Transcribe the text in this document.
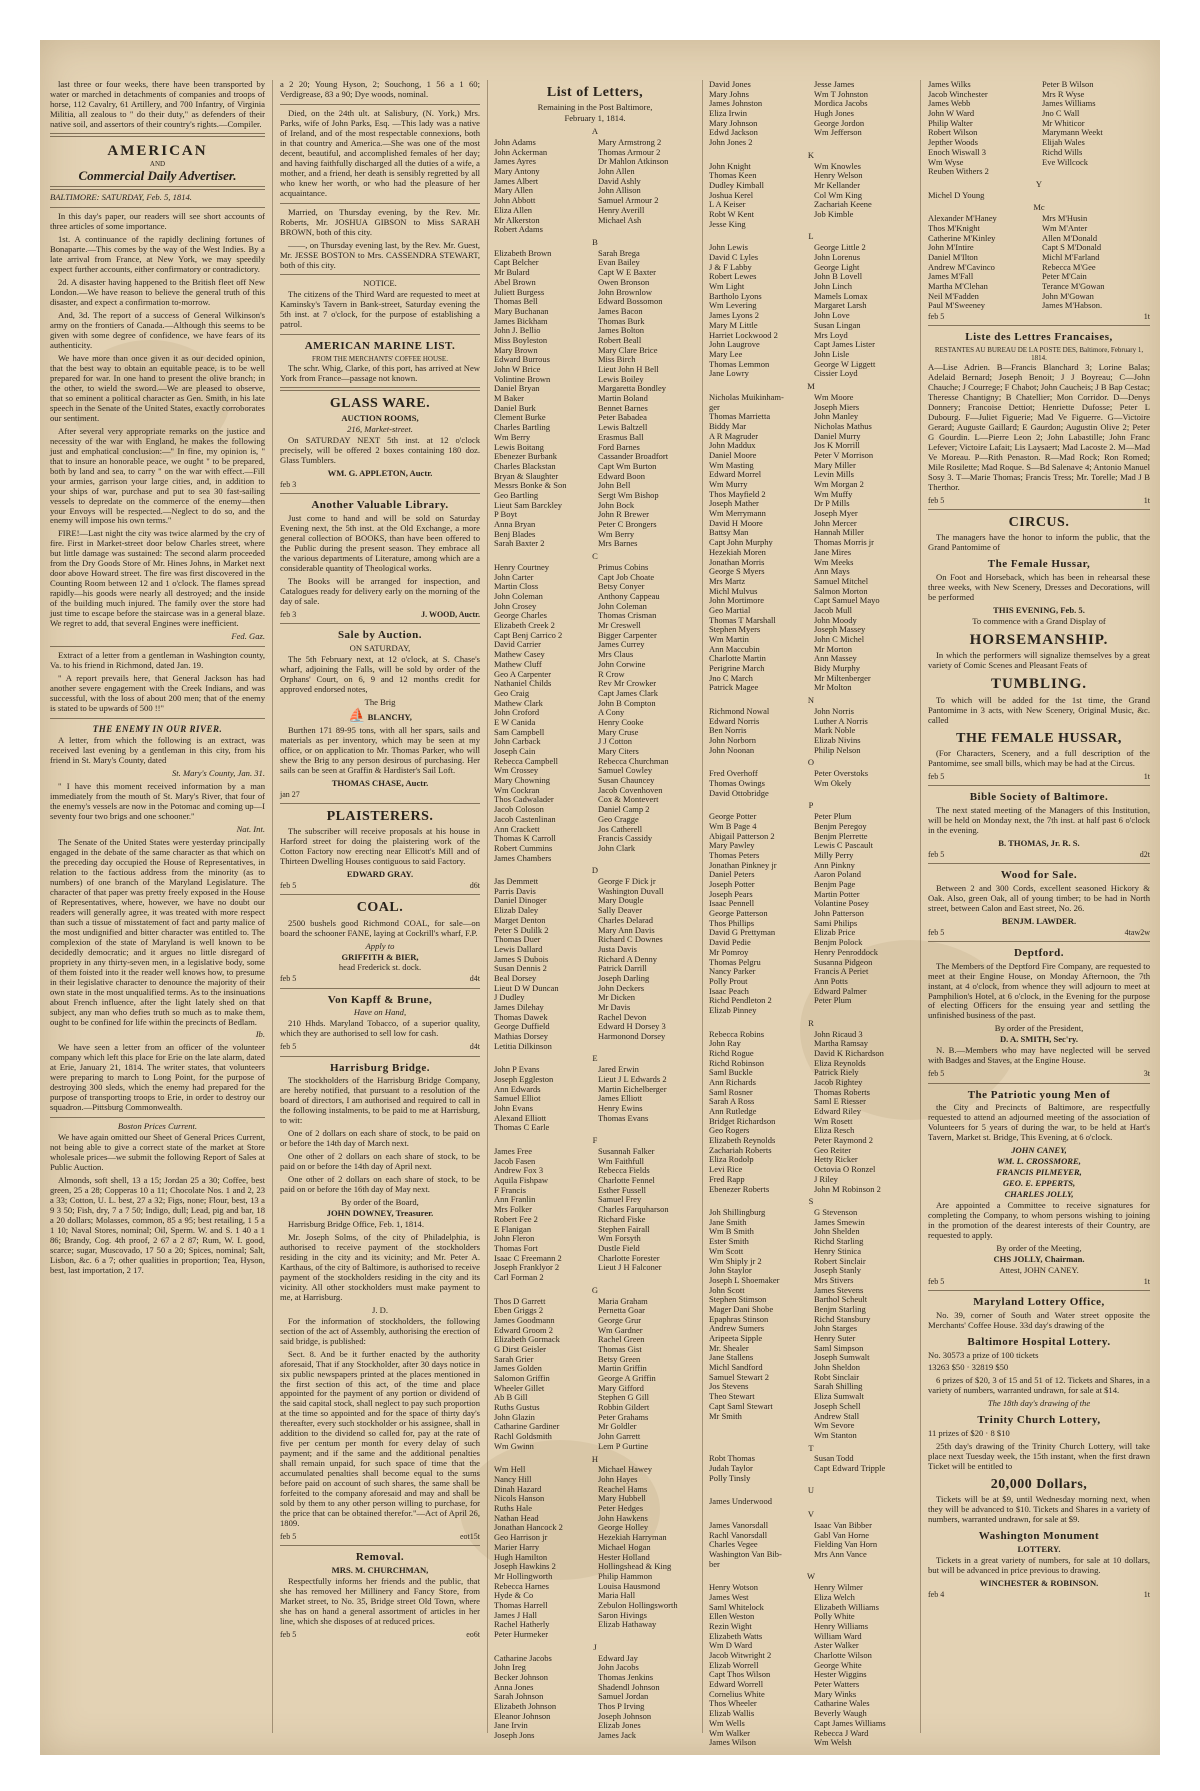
last three or four weeks, there have been transported by water or marched in detachments of companies and troops of horse, 112 Cavalry, 61 Artillery, and 700 Infantry, of Virginia Militia, all zealous to " do their duty," as defenders of their native soil, and assertors of their country's rights.—Compiler.

AMERICAN
AND
Commercial Daily Advertiser.

BALTIMORE: SATURDAY, Feb. 5, 1814.

In this day's paper, our readers will see short accounts of three articles of some importance.

1st. A continuance of the rapidly declining fortunes of Bonaparte.—This comes by the way of the West Indies. By a late arrival from France, at New York, we may speedily expect further accounts, either confirmatory or contradictory.

2d. A disaster having happened to the British fleet off New London.—We have reason to believe the general truth of this disaster, and expect a confirmation to-morrow.

And, 3d. The report of a success of General Wilkinson's army on the frontiers of Canada.—Although this seems to be given with some degree of confidence, we have fears of its authenticity.

We have more than once given it as our decided opinion, that the best way to obtain an equitable peace, is to be well prepared for war. In one hand to present the olive branch; in the other, to wield the sword.—We are pleased to observe, that so eminent a political character as Gen. Smith, in his late speech in the Senate of the United States, exactly corroborates our sentiment.

After several very appropriate remarks on the justice and necessity of the war with England, he makes the following just and emphatical conclusion:—" In fine, my opinion is, " that to insure an honorable peace, we ought " to be prepared, both by land and sea, to carry " on the war with effect.—Fill your armies, garrison your large cities, and, in addition to your ships of war, purchase and put to sea 30 fast-sailing vessels to depredate on the commerce of the enemy—then your Envoys will be respected.—Neglect to do so, and the enemy will impose his own terms."

FIRE!—Last night the city was twice alarmed by the cry of fire. First in Market-street door below Charles street, where but little damage was sustained: The second alarm proceeded from the Dry Goods Store of Mr. Hines Johns, in Market next door above Howard street. The fire was first discovered in the Counting Room between 12 and 1 o'clock. The flames spread rapidly—his goods were nearly all destroyed; and the inside of the building much injured. The family over the store had just time to escape before the staircase was in a general blaze. We regret to add, that several Engines were inefficient.

Fed. Gaz.

Extract of a letter from a gentleman in Washington county, Va. to his friend in Richmond, dated Jan. 19.

" A report prevails here, that General Jackson has had another severe engagement with the Creek Indians, and was successful, with the loss of about 200 men; that of the enemy is stated to be upwards of 500 !!"

THE ENEMY IN OUR RIVER.

A letter, from which the following is an extract, was received last evening by a gentleman in this city, from his friend in St. Mary's County, dated

St. Mary's County, Jan. 31.

" I have this moment received information by a man immediately from the mouth of St. Mary's River, that four of the enemy's vessels are now in the Potomac and coming up—I seventy four two brigs and one schooner."

Nat. Int.

The Senate of the United States were yesterday principally engaged in the debate of the same character as that which on the preceding day occupied the House of Representatives, in relation to the factious address from the minority (as to numbers) of one branch of the Maryland Legislature. The character of that paper was pretty freely exposed in the House of Representatives, where, however, we have no doubt our readers will generally agree, it was treated with more respect than such a tissue of misstatement of fact and party malice of the most undignified and bitter character was entitled to. The complexion of the state of Maryland is well known to be decidedly democratic; and it argues no little disregard of propriety in any thirty-seven men, in a legislative body, some of them foisted into it the reader well knows how, to presume in their legislative character to denounce the majority of their own state in the most unqualified terms. As to the insinuations about French influence, after the light lately shed on that subject, any man who defies truth so much as to make them, ought to be confined for life within the precincts of Bedlam.

Ib.

We have seen a letter from an officer of the volunteer company which left this place for Erie on the late alarm, dated at Erie, January 21, 1814. The writer states, that volunteers were preparing to march to Long Point, for the purpose of destroying 300 sleds, which the enemy had prepared for the purpose of transporting troops to Erie, in order to destroy our squadron.—Pittsburg Commonwealth.

Boston Prices Current.

We have again omitted our Sheet of General Prices Current, not being able to give a correct state of the market at Store wholesale prices—we submit the following Report of Sales at Public Auction.

Almonds, soft shell, 13 a 15; Jordan 25 a 30; Coffee, best green, 25 a 28; Copperas 10 a 11; Chocolate Nos. 1 and 2, 23 a 33; Cotton, U. L. best, 27 a 32; Figs, none; Flour, best, 13 a 9 3 50; Fish, dry, 7 a 7 50; Indigo, dull; Lead, pig and bar, 18 a 20 dollars; Molasses, common, 85 a 95; best retailing, 1 5 a 1 10; Naval Stores, nominal; Oil, Sperm. W. and S. 1 40 a 1 86; Brandy, Cog. 4th proof, 2 67 a 2 87; Rum, W. I. good, scarce; sugar, Muscovado, 17 50 a 20; Spices, nominal; Salt, Lisbon, &c. 6 a 7; other qualities in proportion; Tea, Hyson, best, last importation, 2 17.

a 2 20; Young Hyson, 2; Souchong, 1 56 a 1 60; Verdigrease, 83 a 90; Dye woods, nominal.

Died, on the 24th ult. at Salisbury, (N. York,) Mrs. Parks, wife of John Parks, Esq. —This lady was a native of Ireland, and of the most respectable connexions, both in that country and America.—She was one of the most decent, beautiful, and accomplished females of her day; and having faithfully discharged all the duties of a wife, a mother, and a friend, her death is sensibly regretted by all who knew her worth, or who had the pleasure of her acquaintance.

Married, on Thursday evening, by the Rev. Mr. Roberts, Mr. JOSHUA GIBSON to Miss SARAH BROWN, both of this city.

——, on Thursday evening last, by the Rev. Mr. Guest, Mr. JESSE BOSTON to Mrs. CASSENDRA STEWART, both of this city.

NOTICE.

The citizens of the Third Ward are requested to meet at Kaminsky's Tavern in Bank-street, Saturday evening the 5th inst. at 7 o'clock, for the purpose of establishing a patrol.

AMERICAN MARINE LIST.
FROM THE MERCHANTS' COFFEE HOUSE.

The schr. Whig, Clarke, of this port, has arrived at New York from France—passage not known.

GLASS WARE.
AUCTION ROOMS,
216, Market-street.

On SATURDAY NEXT 5th inst. at 12 o'clock precisely, will be offered 2 boxes containing 180 doz. Glass Tumblers.

WM. G. APPLETON, Auctr.
feb 3
Another Valuable Library.

Just come to hand and will be sold on Saturday Evening next, the 5th inst. at the Old Exchange, a more general collection of BOOKS, than have been offered to the Public during the present season. They embrace all the various departments of Literature, among which are a considerable quantity of Theological works.

The Books will be arranged for inspection, and Catalogues ready for delivery early on the morning of the day of sale.

feb 3	J. WOOD, Auctr.
Sale by Auction.
ON SATURDAY,

The 5th February next, at 12 o'clock, at S. Chase's wharf, adjoining the Falls, will be sold by order of the Orphans' Court, on 6, 9 and 12 months credit for approved endorsed notes,

The Brig
⛵ BLANCHY,

Burthen 171 89-95 tons, with all her spars, sails and materials as per inventory, which may be seen at my office, or on application to Mr. Thomas Parker, who will shew the Brig to any person desirous of purchasing. Her sails can be seen at Graffin & Hardister's Sail Loft.

THOMAS CHASE, Auctr.
jan 27
PLAISTERERS.

The subscriber will receive proposals at his house in Harford street for doing the plaistering work of the Cotton Factory now erecting near Ellicott's Mill and of Thirteen Dwelling Houses contiguous to said Factory.

EDWARD GRAY.
feb 5	d6t
COAL.

2500 bushels good Richmond COAL, for sale—on board the schooner FANE, laying at Cockrill's wharf, F.P.

Apply to
GRIFFITH & BIER,
head Frederick st. dock.
feb 5	d4t
Von Kapff & Brune,
Have on Hand,

210 Hhds. Maryland Tobacco, of a superior quality, which they are authorised to sell low for cash.

feb 5	d4t
Harrisburg Bridge.

The stockholders of the Harrisburg Bridge Company, are hereby notified, that pursuant to a resolution of the board of directors, I am authorised and required to call in the following instalments, to be paid to me at Harrisburg, to wit:

One of 2 dollars on each share of stock, to be paid on or before the 14th day of March next.

One other of 2 dollars on each share of stock, to be paid on or before the 14th day of April next.

One other of 2 dollars on each share of stock, to be paid on or before the 16th day of May next.

By order of the Board,
JOHN DOWNEY, Treasurer.

Harrisburg Bridge Office, Feb. 1, 1814.

Mr. Joseph Solms, of the city of Philadelphia, is authorised to receive payment of the stockholders residing in the city and its vicinity; and Mr. Peter A. Karthaus, of the city of Baltimore, is authorised to receive payment of the stockholders residing in the city and its vicinity. All other stockholders must make payment to me, at Harrisburg.

J. D.

For the information of stockholders, the following section of the act of Assembly, authorising the erection of said bridge, is published:

Sect. 8. And be it further enacted by the authority aforesaid, That if any Stockholder, after 30 days notice in six public newspapers printed at the places mentioned in the first section of this act, of the time and place appointed for the payment of any portion or dividend of the said capital stock, shall neglect to pay such proportion at the time so appointed and for the space of thirty day's thereafter, every such stockholder or his assignee, shall in addition to the dividend so called for, pay at the rate of five per centum per month for every delay of such payment; and if the same and the additional penalties shall remain unpaid, for such space of time that the accumulated penalties shall become equal to the sums before paid on account of such shares, the same shall be forfeited to the company aforesaid and may and shall be sold by them to any other person willing to purchase, for the price that can be obtained therefor."—Act of April 26, 1809.

feb 5	eot15t
Removal.
MRS. M. CHURCHMAN,

Respectfully informs her friends and the public, that she has removed her Millinery and Fancy Store, from Market street, to No. 35, Bridge street Old Town, where she has on hand a general assortment of articles in her line, which she disposes of at reduced prices.

feb 5	eo6t
List of Letters,
Remaining in the Post Baltimore,
February 1, 1814.
A
John Adams
John Ackerman
James Ayres
Mary Antony
James Albert
Mary Allen
John Abbott
Eliza Allen
Mr Alkerston
Robert Adams
Mary Armstrong 2
Thomas Armour 2
Dr Mahlon Atkinson
John Allen
David Ashly
John Allison
Samuel Armour 2
Henry Averill
Michael Ash
B
Elizabeth Brown
Capt Belcher
Mr Bulard
Abel Brown
Juliett Burgess
Thomas Bell
Mary Buchanan
James Bickham
John J. Bellio
Miss Boyleston
Mary Brown
Edward Burrous
John W Brice
Volintine Brown
Daniel Bryan
M Baker
Daniel Burk
Clement Burke
Charles Bartling
Wm Berry
Lewis Boitang
Ebenezer Burbank
Charles Blackstan
Bryan & Slaughter
Messrs Bonke & Son
Geo Bartling
Lieut Sam Barckley
P Boyt
Anna Bryan
Benj Blades
Sarah Baxter 2
Sarah Brega
Evan Bailey
Capt W E Baxter
Owen Bronson
John Brownlow
Edward Bossomon
James Bacon
Thomas Burk
James Bolton
Robert Beall
Mary Clare Brice
Miss Birch
Lieut John H Bell
Lewis Boiley
Margaretta Bondley
Martin Boland
Bennet Barnes
Peter Babadea
Lewis Baltzell
Erasmus Ball
Ford Barnes
Cassander Broadfort
Capt Wm Burton
Edward Boon
John Bell
Sergt Wm Bishop
John Bock
John R Brewer
Peter C Brongers
Wm Berry
Mrs Barnes
C
Henry Courtney
John Carter
Martin Closs
John Coleman
John Crosey
George Charles
Elizabeth Creek 2
Capt Benj Carrico 2
David Carrier
Mathew Casey
Mathew Cluff
Geo A Carpenter
Nathaniel Childs
Geo Craig
Mathew Clark
John Croford
E W Canida
Sam Campbell
John Carback
Joseph Cain
Rebecca Campbell
Wm Crossey
Mary Chowning
Wm Cockran
Thos Cadwalader
Jacob Coloson
Jacob Castenlinan
Ann Crackett
Thomas K Carroll
Robert Cummins
James Chambers
Primus Cobins
Capt Job Choate
Betsy Conyer
Anthony Cappeau
John Coleman
Thomas Crisman
Mr Creswell
Bigger Carpenter
James Currey
Mrs Claus
John Corwine
R Crow
Rev Mr Crowker
Capt James Clark
John B Compton
A Cony
Henry Cooke
Mary Cruse
J J Cotton
Mary Citers
Rebecca Churchman
Samuel Cowley
Susan Chauncey
Jacob Covenhoven
Cox & Montevert
Daniel Camp 2
Geo Cragge
Jos Catherell
Francis Cassidy
John Clark
D
Jas Demmett
Parris Davis
Daniel Dinoger
Elizab Daley
Marget Denton
Peter S Dulilk 2
Thomas Duer
Lewis Dallard
James S Dubois
Susan Dennis 2
Beal Dorsey
Lieut D W Duncan
J Dudley
James Dilehay
Thomas Dawek
George Duffield
Mathias Dorsey
Letitia Dilkinson
George F Dick jr
Washington Duvall
Mary Dougle
Sally Deaver
Charles Delarad
Mary Ann Davis
Richard C Downes
Justa Davis
Richard A Denny
Patrick Darrill
Joseph Darling
John Deckers
Mr Dicken
Mr Davis
Rachel Devon
Edward H Dorsey 3
Harmonond Dorsey
E
John P Evans
Joseph Eggleston
Ann Edwards
Samuel Elliot
John Evans
Alexand Elliott
Thomas C Earle
Jared Erwin
Lieut J L Edwards 2
Martin Eichelberger
James Elliott
Henry Ewins
Thomas Evans
F
James Free
Jacob Fasen
Andrew Fox 3
Aquila Fishpaw
F Francis
Ann Franlin
Mrs Folker
Robert Fee 2
E Flanigan
John Fleron
Thomas Fort
Isaac C Freemann 2
Joseph Franklyor 2
Carl Forman 2
Susannah Falker
Wm Faithfull
Rebecca Fields
Charlotte Fennel
Esther Fussell
Samuel Frey
Charles Farquharson
Richard Fiske
Stephen Fairall
Wm Forsyth
Dustle Field
Charlotte Forester
Lieut J H Falconer
G
Thos D Garrett
Eben Griggs 2
James Goodmann
Edward Groom 2
Elizabeth Gormack
G Dirst Geisler
Sarah Grier
James Golden
Salomon Griffin
Wheeler Gillet
Ab B Gill
Ruths Gustus
John Glazin
Catharine Gardiner
Rachl Goldsmith
Wm Gwinn
Maria Graham
Pernetta Goar
George Grur
Wm Gardner
Rachel Green
Thomas Gist
Betsy Green
Martin Griffin
George A Griffin
Mary Gifford
Stephen G Gill
Robbin Gildert
Peter Grahams
Mr Goldler
John Garrett
Lem P Gurtine
H
Wm Hell
Nancy Hill
Dinah Hazard
Nicols Hanson
Ruths Hale
Nathan Head
Jonathan Hancock 2
Geo Harrison jr
Marier Harry
Hugh Hamilton
Joseph Hawkins 2
Mr Hollingworth
Rebecca Harnes
Hyde & Co
Thomas Harrell
James J Hall
Rachel Hatherly
Peter Hurmeker
Michael Hawey
John Hayes
Reachel Hams
Mary Hubbell
Peter Hedges
John Hawkens
George Holley
Hezekiah Harryman
Michael Hogan
Hester Holland
Hollingshead & King
Philip Hammon
Louisa Hausmond
Maria Hall
Zebulon Hollingsworth
Saron Hivings
Elizab Hathaway
J
Catharine Jacobs
John Ireg
Becker Johnson
Anna Jones
Sarah Johnson
Elizabeth Johnson
Eleanor Johnson
Jane Irvin
Joseph Jons
Edward Jay
John Jacobs
Thomas Jenkins
Shadendl Johnson
Samuel Jordan
Thos P Irving
Joseph Johnson
Elizab Jones
James Jack
David Jones
Mary Johns
James Johnston
Eliza Irwin
Mary Johnson
Edwd Jackson
John Jones 2
Jesse James
Wm T Johnston
Mordica Jacobs
Hugh Jones
George Jordon
Wm Jefferson
K
John Knight
Thomas Keen
Dudley Kimball
Joshua Kerel
L A Keiser
Robt W Kent
Jesse King
Wm Knowles
Henry Welson
Mr Kellander
Col Wm King
Zachariah Keene
Job Kimble
L
John Lewis
David C Lyles
J & F Labby
Robert Lewes
Wm Light
Bartholo Lyons
Wm Levering
James Lyons 2
Mary M Little
Harriet Lockwood 2
John Laugrove
Mary Lee
Thomas Lemmon
Jane Lowry
George Little 2
John Lorenus
George Light
John B Lovell
John Linch
Mamels Lomax
Margaret Larsh
John Love
Susan Lingan
Mrs Loyd
Capt James Lister
John Lisle
George W Liggett
Cissier Loyd
M
Nicholas Muikinham-
ger
Thomas Marrietta
Biddy Mar
A R Magruder
John Maddux
Daniel Moore
Wm Masting
Edward Morrel
Wm Murry
Thos Mayfield 2
Joseph Mather
Wm Merrymann
David H Moore
Battsy Man
Capt John Murphy
Hezekiah Moren
Jonathan Morris
George S Myers
Mrs Martz
Michl Mulvus
John Mortimore
Geo Martial
Thomas T Marshall
Stephen Myers
Wm Martin
Ann Maccubin
Charlotte Martin
Perigrine March
Jno C March
Patrick Magee
Wm Moore
Joseph Miers
John Manley
Nicholas Mathus
Daniel Murry
Jos K Morrill
Peter V Morrison
Mary Miller
Levin Mills
Wm Morgan 2
Wm Muffy
Dr P Mills
Joseph Myer
John Mercer
Hannah Miller
Thomas Morris jr
Jane Mires
Wm Meeks
Ann Mays
Samuel Mitchel
Salmon Morton
Capt Samuel Mayo
Jacob Mull
John Moody
Joseph Massey
John C Michel
Mr Morton
Ann Massey
Bidy Murphy
Mr Miltenberger
Mr Molton
N
Richmond Nowal
Edward Norris
Ben Norris
John Norborn
John Noonan
John Norris
Luther A Norris
Mark Noble
Elizab Nivins
Philip Nelson
O
Fred Overhoff
Thomas Owings
David Ottobridge
Peter Overstoks
Wm Okely
P
George Potter
Wm B Page 4
Abigail Patterson 2
Mary Pawley
Thomas Peters
Jonathan Pinkney jr
Daniel Peters
Joseph Potter
Joseph Pears
Isaac Pennell
George Patterson
Thos Phillips
David G Prettyman
David Pedie
Mr Pomroy
Thomas Pelgru
Nancy Parker
Polly Prout
Isaac Peach
Richd Pendleton 2
Elizab Pinney
Peter Plum
Benjm Peregoy
Benjm Plerrette
Lewis C Pascault
Milly Perry
Ann Pinkny
Aaron Poland
Benjm Page
Martin Potter
Volantine Posey
John Patterson
Sami Philips
Elizab Price
Benjm Polock
Henry Penroddock
Susanna Pidgeon
Francis A Periet
Ann Potts
Edward Palmer
Peter Plum
R
Rebecca Robins
John Ray
Richd Rogue
Richd Robinson
Saml Buckle
Ann Richards
Saml Rosner
Sarah A Ross
Ann Rutledge
Bridget Richardson
Geo Rogers
Elizabeth Reynolds
Zachariah Roberts
Eliza Rodolp
Levi Rice
Fred Rapp
Ebenezer Roberts
John Ricaud 3
Martha Ramsay
David K Richardson
Eliza Reynolds
Patrick Riely
Jacob Rightey
Thomas Roberts
Saml E Riesser
Edward Riley
Wm Rosett
Eliza Resch
Peter Raymond 2
Geo Reiter
Hetty Ricker
Octovia O Ronzel
J Riley
John M Robinson 2
S
Joh Shillingburg
Jane Smith
Wm B Smith
Ester Smith
Wm Scott
Wm Shiply jr 2
John Staylor
Joseph L Shoemaker
John Scott
Stephen Stimson
Mager Dani Shobe
Epaphras Stinson
Andrew Sumers
Aripeeta Sipple
Mr. Shealer
Jane Stallens
Michl Sandford
Samuel Stewart 2
Jos Stevens
Theo Stewart
Capt Saml Stewart
Mr Smith
G Stevenson
James Smewin
John Shelden
Richd Starling
Henry Stinica
Robert Sinclair
Joseph Stanly
Mrs Stivers
James Stevens
Barthol Scheult
Benjm Starling
Richd Stansbury
John Starges
Henry Suter
Saml Simpson
Joseph Sumwalt
John Sheldon
Robt Sinclair
Sarah Shilling
Eliza Sumwalt
Joseph Schell
Andrew Stall
Wm Sevore
Wm Stanton
T
Robt Thomas
Judah Taylor
Polly Tinsly
Susan Todd
Capt Edward Tripple
U
James Underwood
V
James Vanorsdall
Rachl Vanorsdall
Charles Vegee
Washington Van Bib-
ber
Isaac Van Bibber
Gabl Van Horne
Fielding Van Horn
Mrs Ann Vance
W
Henry Wotson
James West
Saml Whitelock
Ellen Weston
Rezin Wight
Elizabeth Watts
Wm D Ward
Jacob Witwright 2
Elizab Worrell
Capt Thos Wilson
Edward Worrell
Cornelius White
Thos Wheeler
Elizab Wallis
Wm Wells
Wm Walker
James Wilson
Henry Wilmer
Eliza Welch
Elizabeth Williams
Polly White
Henry Williams
William Ward
Aster Walker
Charlotte Wilson
George White
Hester Wiggins
Peter Watters
Mary Winks
Catharine Wales
Beverly Waugh
Capt James Williams
Rebecca J Ward
Wm Welsh
James Wilks
Jacob Winchester
James Webb
John W Ward
Philip Walter
Robert Wilson
Jepther Woods
Enoch Wiswall 3
Wm Wyse
Reuben Withers 2
Peter B Wilson
Mrs R Wyse
James Williams
Jno C Wall
Mr Whiticor
Marymann Weekt
Elijah Wales
Richd Wills
Eve Willcock
Y
Michel D Young
Mc
Alexander M'Haney
Thos M'Knight
Catherine M'Kinley
John M'Intire
Daniel M'Ilton
Andrew M'Cavinco
James M'Fall
Martha M'Clehan
Neil M'Fadden
Paul M'Sweeney
Mrs M'Husin
Wm M'Anter
Allen M'Donald
Capt S M'Donald
Michl M'Farland
Rebecca M'Gee
Peter M'Cain
Terance M'Gowan
John M'Gowan
James M'Habson.
feb 5	1t
Liste des Lettres Francaises,
RESTANTES AU BUREAU DE LA POSTE DES, Baltimore, February 1, 1814.

A—Lise Adrien. B—Francis Blanchard 3; Lorine Balas; Adelaid Bernard; Joseph Benoit; J J Boyreau; C—John Chauche; J Courrege; F Chabot; John Caucheis; J B Bap Cestac; Theresse Chantigny; B Chatellier; Mon Corridor. D—Denys Donnery; Francoise Dettiot; Henriette Dufosse; Peter L Dubourg. F—Juliet Figuerie; Mad Ve Figuerre. G—Victoire Gerard; Auguste Gaillard; E Gaurdon; Augustin Olive 2; Peter G Gourdin. L—Pierre Leon 2; John Labastille; John Franc Lefever; Victoire Lafait; Lis Laysaert; Mad Lacoste 2. M—Mad Ve Moreau. P—Rith Penaston. R—Mad Rock; Ron Romed; Mile Rosilette; Mad Roque. S—Bd Salenave 4; Antonio Manuel Sosy 3. T—Marie Thomas; Francis Tress; Mr. Torelle; Mad J B Therthor.

feb 5	1t
CIRCUS.

The managers have the honor to inform the public, that the Grand Pantomime of

The Female Hussar,

On Foot and Horseback, which has been in rehearsal these three weeks, with New Scenery, Dresses and Decorations, will be performed

THIS EVENING, Feb. 5.
To commence with a Grand Display of
HORSEMANSHIP.

In which the performers will signalize themselves by a great variety of Comic Scenes and Pleasant Feats of

TUMBLING.

To which will be added for the 1st time, the Grand Pantomime in 3 acts, with New Scenery, Original Music, &c. called

THE FEMALE HUSSAR,

(For Characters, Scenery, and a full description of the Pantomime, see small bills, which may be had at the Circus.

feb 5	1t
Bible Society of Baltimore.

The next stated meeting of the Managers of this Institution, will be held on Monday next, the 7th inst. at half past 6 o'clock in the evening.

B. THOMAS, Jr. R. S.
feb 5	d2t
Wood for Sale.

Between 2 and 300 Cords, excellent seasoned Hickory & Oak. Also, green Oak, all of young timber; to be had in North street, between Calon and East street, No. 26.

BENJM. LAWDER.
feb 5	4taw2w
Deptford.

The Members of the Deptford Fire Company, are requested to meet at their Engine House, on Monday Afternoon, the 7th instant, at 4 o'clock, from whence they will adjourn to meet at Pamphilion's Hotel, at 6 o'clock, in the Evening for the purpose of electing Officers for the ensuing year and settling the unfinished business of the past.

By order of the President,
D. A. SMITH, Sec'ry.

N. B.—Members who may have neglected will be served with Badges and Staves, at the Engine House.

feb 5	3t
The Patriotic young Men of

the City and Precincts of Baltimore, are respectfully requested to attend an adjourned meeting of the association of Volunteers for 5 years of during the war, to be held at Hart's Tavern, Market st. Bridge, This Evening, at 6 o'clock.

JOHN CANEY,
WM. L. CROSSMORE,
FRANCIS PILMEYER,
GEO. E. EPPERTS,
CHARLES JOLLY,

Are appointed a Committee to receive signatures for completing the Company, to whom persons wishing to joining in the promotion of the dearest interests of their Country, are requested to apply.

By order of the Meeting,
CHS JOLLY, Chairman.
Attest, JOHN CANEY.
feb 5	1t
Maryland Lottery Office,

No. 39, corner of South and Water street opposite the Merchants' Coffee House. 33d day's drawing of the

Baltimore Hospital Lottery.

No. 30573 a prize of 100 tickets

13263 $50 · 32819 $50

6 prizes of $20, 3 of 15 and 51 of 12. Tickets and Shares, in a variety of numbers, warranted undrawn, for sale at $14.

The 18th day's drawing of the
Trinity Church Lottery,

11 prizes of $20 · 8 $10

25th day's drawing of the Trinity Church Lottery, will take place next Tuesday week, the 15th instant, when the first drawn Ticket will be entitled to

20,000 Dollars,

Tickets will be at $9, until Wednesday morning next, when they will be advanced to $10. Tickets and Shares in a variety of numbers, warranted undrawn, for sale at $9.

Washington Monument
LOTTERY.

Tickets in a great variety of numbers, for sale at 10 dollars, but will be advanced in price previous to drawing.

WINCHESTER & ROBINSON.
feb 4	1t
